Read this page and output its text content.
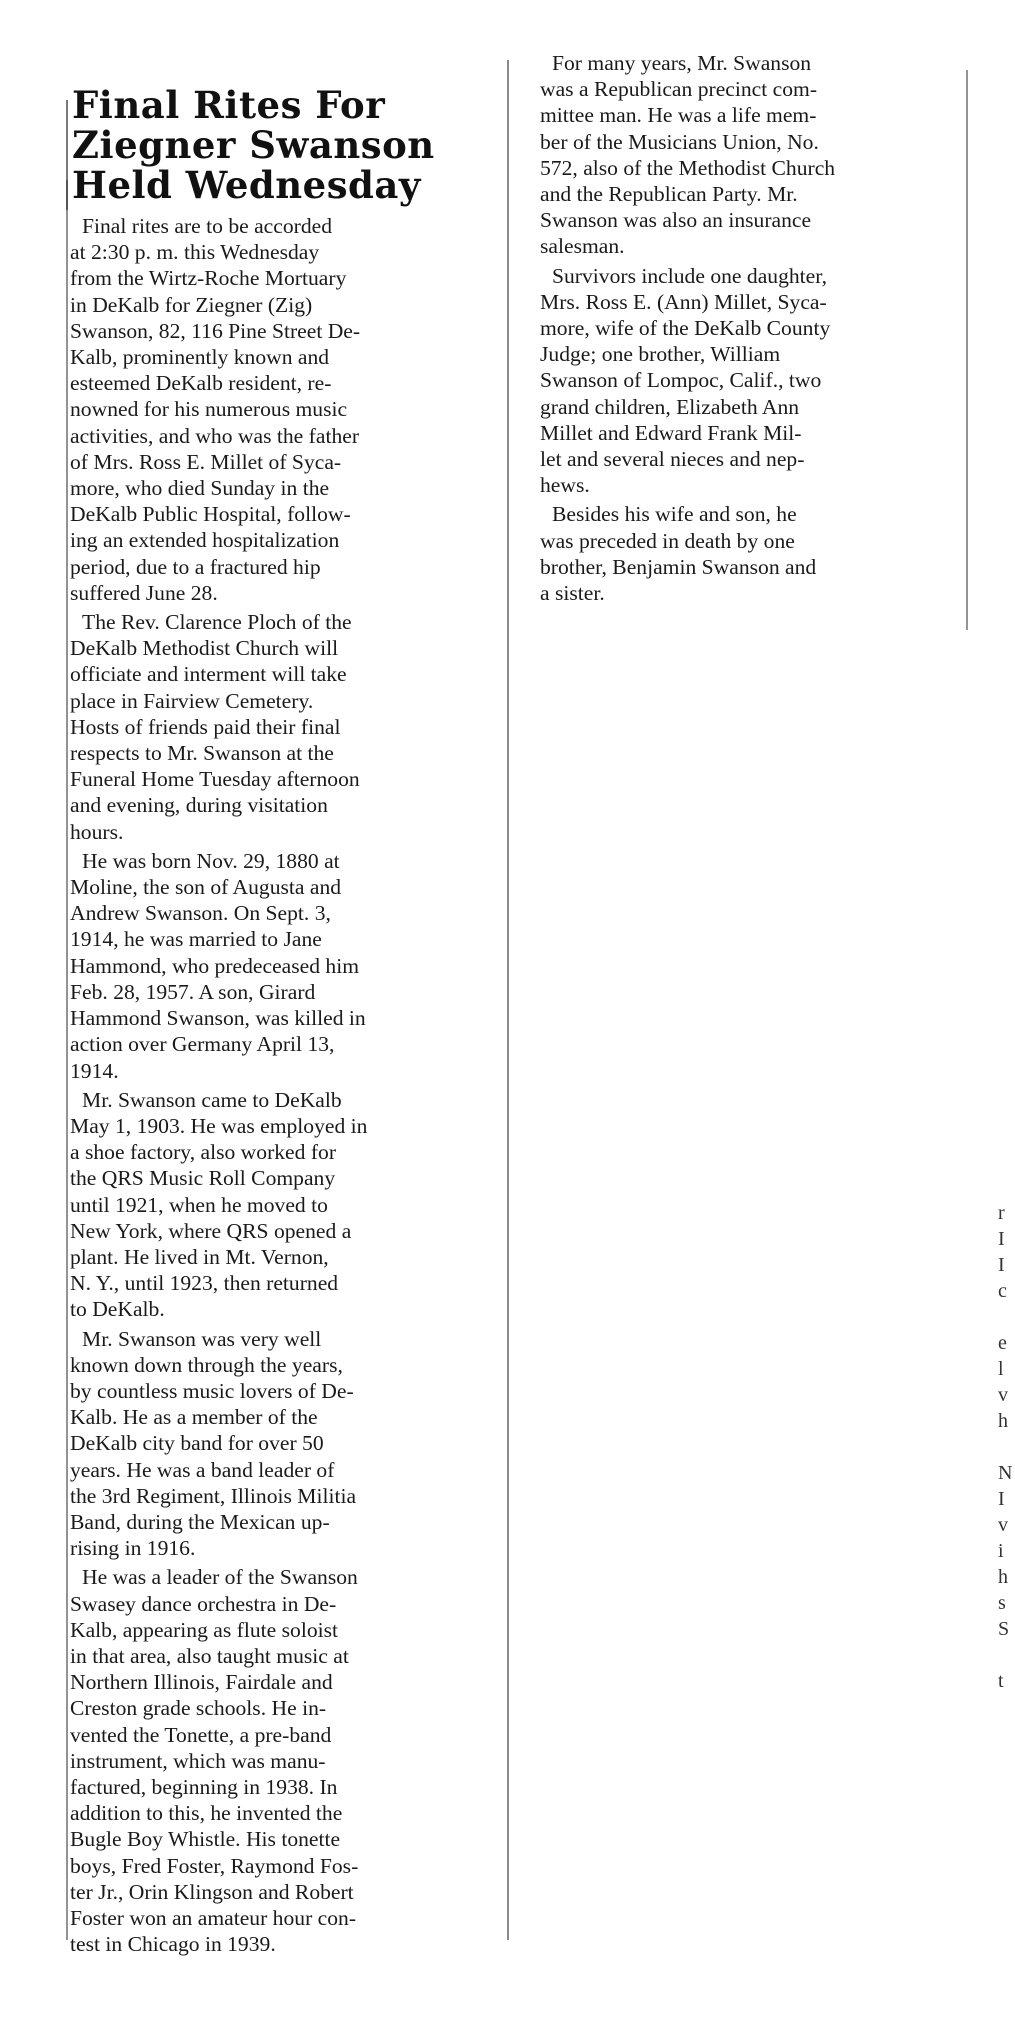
Final Rites For
Ziegner Swanson
Held Wednesday
Final rites are to be accorded
at 2:30 p. m. this Wednesday
from the Wirtz-Roche Mortuary
in DeKalb for Ziegner (Zig)
Swanson, 82, 116 Pine Street De-
Kalb, prominently known and
esteemed DeKalb resident, re-
nowned for his numerous music
activities, and who was the father
of Mrs. Ross E. Millet of Syca-
more, who died Sunday in the
DeKalb Public Hospital, follow-
ing an extended hospitalization
period, due to a fractured hip
suffered June 28.
The Rev. Clarence Ploch of the
DeKalb Methodist Church will
officiate and interment will take
place in Fairview Cemetery.
Hosts of friends paid their final
respects to Mr. Swanson at the
Funeral Home Tuesday afternoon
and evening, during visitation
hours.
He was born Nov. 29, 1880 at
Moline, the son of Augusta and
Andrew Swanson. On Sept. 3,
1914, he was married to Jane
Hammond, who predeceased him
Feb. 28, 1957. A son, Girard
Hammond Swanson, was killed in
action over Germany April 13,
1914.
Mr. Swanson came to DeKalb
May 1, 1903. He was employed in
a shoe factory, also worked for
the QRS Music Roll Company
until 1921, when he moved to
New York, where QRS opened a
plant. He lived in Mt. Vernon,
N. Y., until 1923, then returned
to DeKalb.
Mr. Swanson was very well
known down through the years,
by countless music lovers of De-
Kalb. He as a member of the
DeKalb city band for over 50
years. He was a band leader of
the 3rd Regiment, Illinois Militia
Band, during the Mexican up-
rising in 1916.
He was a leader of the Swanson
Swasey dance orchestra in De-
Kalb, appearing as flute soloist
in that area, also taught music at
Northern Illinois, Fairdale and
Creston grade schools. He in-
vented the Tonette, a pre-band
instrument, which was manu-
factured, beginning in 1938. In
addition to this, he invented the
Bugle Boy Whistle. His tonette
boys, Fred Foster, Raymond Fos-
ter Jr., Orin Klingson and Robert
Foster won an amateur hour con-
test in Chicago in 1939.
For many years, Mr. Swanson
was a Republican precinct com-
mittee man. He was a life mem-
ber of the Musicians Union, No.
572, also of the Methodist Church
and the Republican Party. Mr.
Swanson was also an insurance
salesman.
Survivors include one daughter,
Mrs. Ross E. (Ann) Millet, Syca-
more, wife of the DeKalb County
Judge; one brother, William
Swanson of Lompoc, Calif., two
grand children, Elizabeth Ann
Millet and Edward Frank Mil-
let and several nieces and nep-
hews.
Besides his wife and son, he
was preceded in death by one
brother, Benjamin Swanson and
a sister.
r
I
I
c

e
l
v
h

N
I
v
i
h
s
S

t
